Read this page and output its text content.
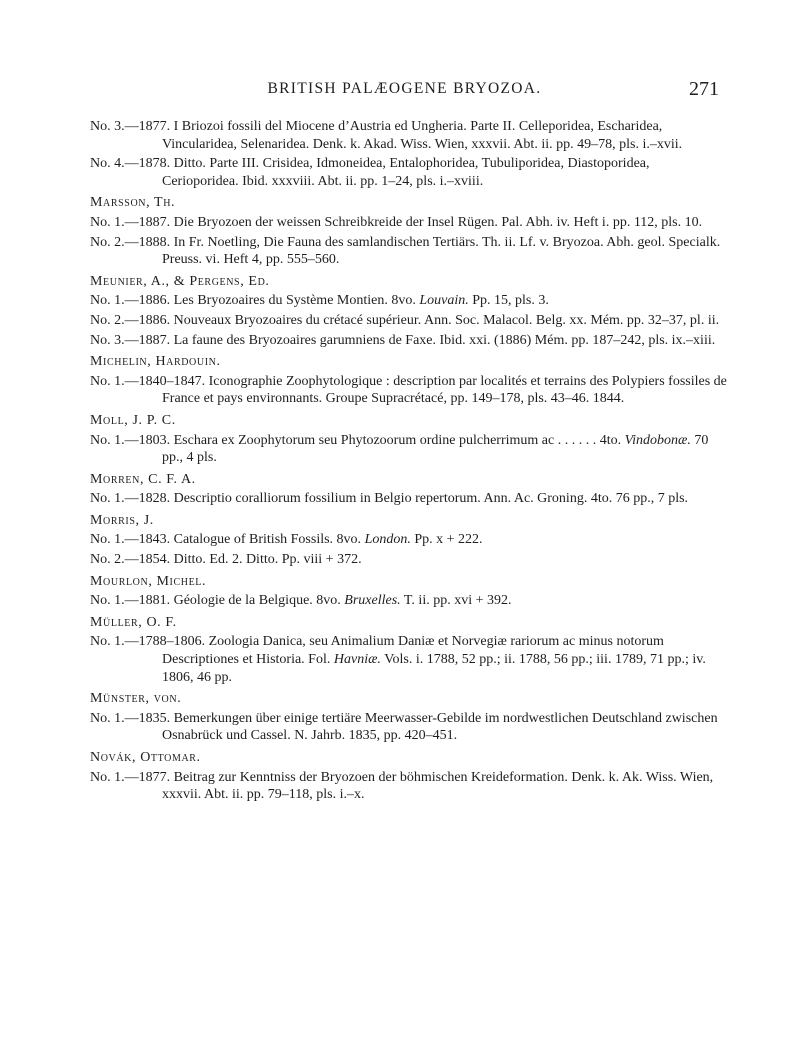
BRITISH PALÆOGENE BRYOZOA.	271

No. 3.—1877. I Briozoi fossili del Miocene d’Austria ed Ungheria. Parte II. Celleporidea, Escharidea, Vincularidea, Selenaridea. Denk. k. Akad. Wiss. Wien, xxxvii. Abt. ii. pp. 49–78, pls. i.–xvii.

No. 4.—1878. Ditto. Parte III. Crisidea, Idmoneidea, Entalophoridea, Tubuliporidea, Diastoporidea, Cerioporidea. Ibid. xxxviii. Abt. ii. pp. 1–24, pls. i.–xviii.

Marsson, Th.

No. 1.—1887. Die Bryozoen der weissen Schreibkreide der Insel Rügen. Pal. Abh. iv. Heft i. pp. 112, pls. 10.

No. 2.—1888. In Fr. Noetling, Die Fauna des samlandischen Tertiärs. Th. ii. Lf. v. Bryozoa. Abh. geol. Specialk. Preuss. vi. Heft 4, pp. 555–560.

Meunier, A., & Pergens, Ed.

No. 1.—1886. Les Bryozoaires du Système Montien. 8vo. Louvain. Pp. 15, pls. 3.

No. 2.—1886. Nouveaux Bryozoaires du crétacé supérieur. Ann. Soc. Malacol. Belg. xx. Mém. pp. 32–37, pl. ii.

No. 3.—1887. La faune des Bryozoaires garumniens de Faxe. Ibid. xxi. (1886) Mém. pp. 187–242, pls. ix.–xiii.

Michelin, Hardouin.

No. 1.—1840–1847. Iconographie Zoophytologique : description par localités et terrains des Polypiers fossiles de France et pays environnants. Groupe Supracrétacé, pp. 149–178, pls. 43–46. 1844.

Moll, J. P. C.

No. 1.—1803. Eschara ex Zoophytorum seu Phytozoorum ordine pulcherrimum ac . . . . . . 4to. Vindobonæ. 70 pp., 4 pls.

Morren, C. F. A.

No. 1.—1828. Descriptio coralliorum fossilium in Belgio repertorum. Ann. Ac. Groning. 4to. 76 pp., 7 pls.

Morris, J.

No. 1.—1843. Catalogue of British Fossils. 8vo. London. Pp. x + 222.

No. 2.—1854. Ditto. Ed. 2. Ditto. Pp. viii + 372.

Mourlon, Michel.

No. 1.—1881. Géologie de la Belgique. 8vo. Bruxelles. T. ii. pp. xvi + 392.

Müller, O. F.

No. 1.—1788–1806. Zoologia Danica, seu Animalium Daniæ et Norvegiæ rariorum ac minus notorum Descriptiones et Historia. Fol. Havniæ. Vols. i. 1788, 52 pp.; ii. 1788, 56 pp.; iii. 1789, 71 pp.; iv. 1806, 46 pp.

Münster, von.

No. 1.—1835. Bemerkungen über einige tertiäre Meerwasser-Gebilde im nordwestlichen Deutschland zwischen Osnabrück und Cassel. N. Jahrb. 1835, pp. 420–451.

Novák, Ottomar.

No. 1.—1877. Beitrag zur Kenntniss der Bryozoen der böhmischen Kreideformation. Denk. k. Ak. Wiss. Wien, xxxvii. Abt. ii. pp. 79–118, pls. i.–x.
